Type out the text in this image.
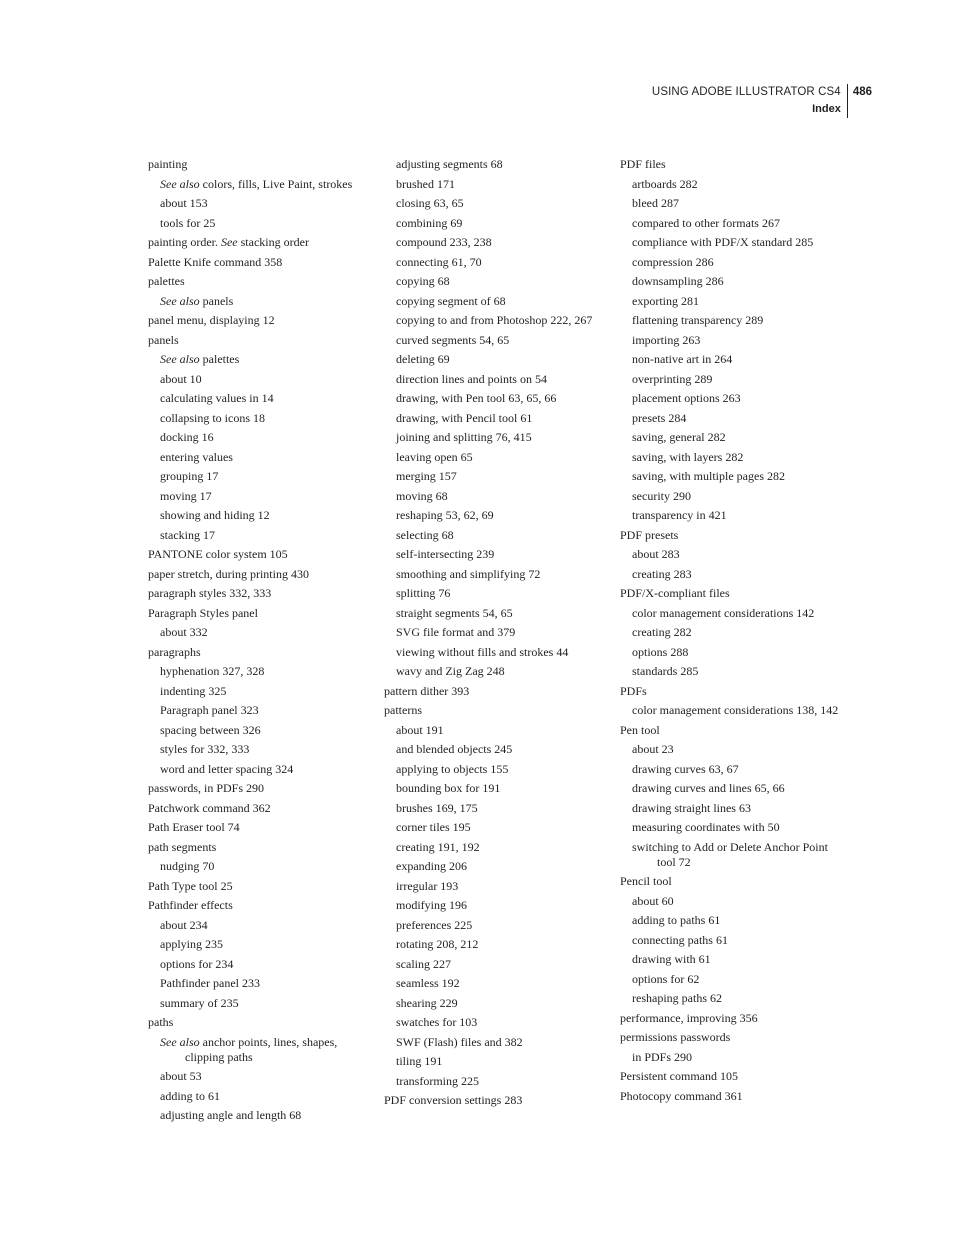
USING ADOBE ILLUSTRATOR CS4
Index
486
painting
See also colors, fills, Live Paint, strokes
about 153
tools for 25
painting order. See stacking order
Palette Knife command 358
palettes
See also panels
panel menu, displaying 12
panels
See also palettes
about 10
calculating values in 14
collapsing to icons 18
docking 16
entering values
grouping 17
moving 17
showing and hiding 12
stacking 17
PANTONE color system 105
paper stretch, during printing 430
paragraph styles 332, 333
Paragraph Styles panel
about 332
paragraphs
hyphenation 327, 328
indenting 325
Paragraph panel 323
spacing between 326
styles for 332, 333
word and letter spacing 324
passwords, in PDFs 290
Patchwork command 362
Path Eraser tool 74
path segments
nudging 70
Path Type tool 25
Pathfinder effects
about 234
applying 235
options for 234
Pathfinder panel 233
summary of 235
paths
See also anchor points, lines, shapes, clipping paths
about 53
adding to 61
adjusting angle and length 68
adjusting segments 68
brushed 171
closing 63, 65
combining 69
compound 233, 238
connecting 61, 70
copying 68
copying segment of 68
copying to and from Photoshop 222, 267
curved segments 54, 65
deleting 69
direction lines and points on 54
drawing, with Pen tool 63, 65, 66
drawing, with Pencil tool 61
joining and splitting 76, 415
leaving open 65
merging 157
moving 68
reshaping 53, 62, 69
selecting 68
self-intersecting 239
smoothing and simplifying 72
splitting 76
straight segments 54, 65
SVG file format and 379
viewing without fills and strokes 44
wavy and Zig Zag 248
pattern dither 393
patterns
about 191
and blended objects 245
applying to objects 155
bounding box for 191
brushes 169, 175
corner tiles 195
creating 191, 192
expanding 206
irregular 193
modifying 196
preferences 225
rotating 208, 212
scaling 227
seamless 192
shearing 229
swatches for 103
SWF (Flash) files and 382
tiling 191
transforming 225
PDF conversion settings 283
PDF files
artboards 282
bleed 287
compared to other formats 267
compliance with PDF/X standard 285
compression 286
downsampling 286
exporting 281
flattening transparency 289
importing 263
non-native art in 264
overprinting 289
placement options 263
presets 284
saving, general 282
saving, with layers 282
saving, with multiple pages 282
security 290
transparency in 421
PDF presets
about 283
creating 283
PDF/X-compliant files
color management considerations 142
creating 282
options 288
standards 285
PDFs
color management considerations 138, 142
Pen tool
about 23
drawing curves 63, 67
drawing curves and lines 65, 66
drawing straight lines 63
measuring coordinates with 50
switching to Add or Delete Anchor Point tool 72
Pencil tool
about 60
adding to paths 61
connecting paths 61
drawing with 61
options for 62
reshaping paths 62
performance, improving 356
permissions passwords
in PDFs 290
Persistent command 105
Photocopy command 361
